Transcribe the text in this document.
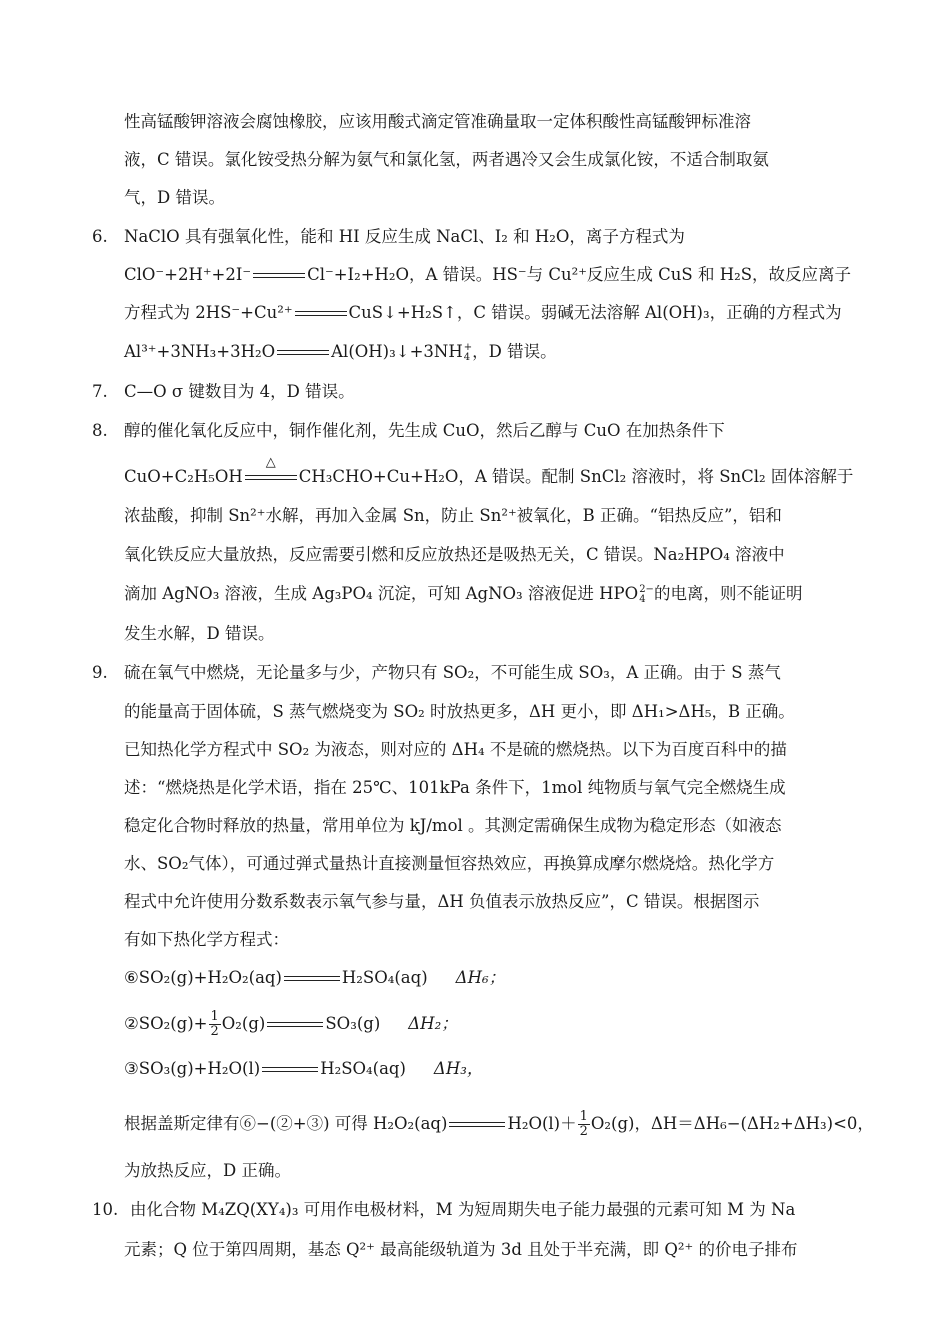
性高锰酸钾溶液会腐蚀橡胶，应该用酸式滴定管准确量取一定体积酸性高锰酸钾标准溶
液，C 错误。氯化铵受热分解为氨气和氯化氢，两者遇冷又会生成氯化铵，不适合制取氨
气，D 错误。
6. NaClO 具有强氧化性，能和 HI 反应生成 NaCl、I₂ 和 H₂O，离子方程式为
ClO⁻+2H⁺+2I⁻	Cl⁻+I₂+H₂O，A 错误。HS⁻与 Cu²⁺反应生成 CuS 和 H₂S，故反应离子
方程式为 2HS⁻+Cu²⁺	CuS↓+H₂S↑，C 错误。弱碱无法溶解 Al(OH)₃，正确的方程式为
Al³⁺+3NH₃+3H₂O	Al(OH)₃↓+3NH +
4 ，D 错误。
7. C—O σ 键数目为 4，D 错误。
8. 醇的催化氧化反应中，铜作催化剂，先生成 CuO，然后乙醇与 CuO 在加热条件下
CuO+C₂H₅OH
△
CH₃CHO+Cu+H₂O，A 错误。配制 SnCl₂ 溶液时，将 SnCl₂ 固体溶解于
浓盐酸，抑制 Sn²⁺水解，再加入金属 Sn，防止 Sn²⁺被氧化，B 正确。“铝热反应”，铝和
氧化铁反应大量放热，反应需要引燃和反应放热还是吸热无关，C 错误。Na₂HPO₄ 溶液中
滴加 AgNO₃ 溶液，生成 Ag₃PO₄ 沉淀，可知 AgNO₃ 溶液促进 HPO 2−
4 的电离，则不能证明
发生水解，D 错误。
9. 硫在氧气中燃烧，无论量多与少，产物只有 SO₂，不可能生成 SO₃，A 正确。由于 S 蒸气
的能量高于固体硫，S 蒸气燃烧变为 SO₂ 时放热更多，ΔH 更小，即 ΔH₁>ΔH₅，B 正确。
已知热化学方程式中 SO₂ 为液态，则对应的 ΔH₄ 不是硫的燃烧热。以下为百度百科中的描
述：“燃烧热是化学术语，指在 25℃、101kPa 条件下，1mol 纯物质与氧气完全燃烧生成
稳定化合物时释放的热量，常用单位为 kJ/mol 。其测定需确保生成物为稳定形态（如液态
水、SO₂气体），可通过弹式量热计直接测量恒容热效应，再换算成摩尔燃烧焓。热化学方
程式中允许使用分数系数表示氧气参与量，ΔH 负值表示放热反应”，C 错误。根据图示
有如下热化学方程式：
⑥SO₂(g)+H₂O₂(aq)	H₂SO₄(aq) ΔH₆；
②SO₂(g)+ $\frac{1}{2} O_2(g)$	SO₃(g) ΔH₂；
③SO₃(g)+H₂O(l)	H₂SO₄(aq) ΔH₃，
根据盖斯定律有⑥−(②+③) 可得 H₂O₂(aq)	$H_2O(l)+ \frac{1}{2} O_2(g)$，ΔH＝ΔH₆−(ΔH₂+ΔH₃)<0，
为放热反应，D 正确。
10. 由化合物 M₄ZQ(XY₄)₃ 可用作电极材料，M 为短周期失电子能力最强的元素可知 M 为 Na
元素；Q 位于第四周期，基态 Q²⁺ 最高能级轨道为 3d 且处于半充满，即 Q²⁺ 的价电子排布
